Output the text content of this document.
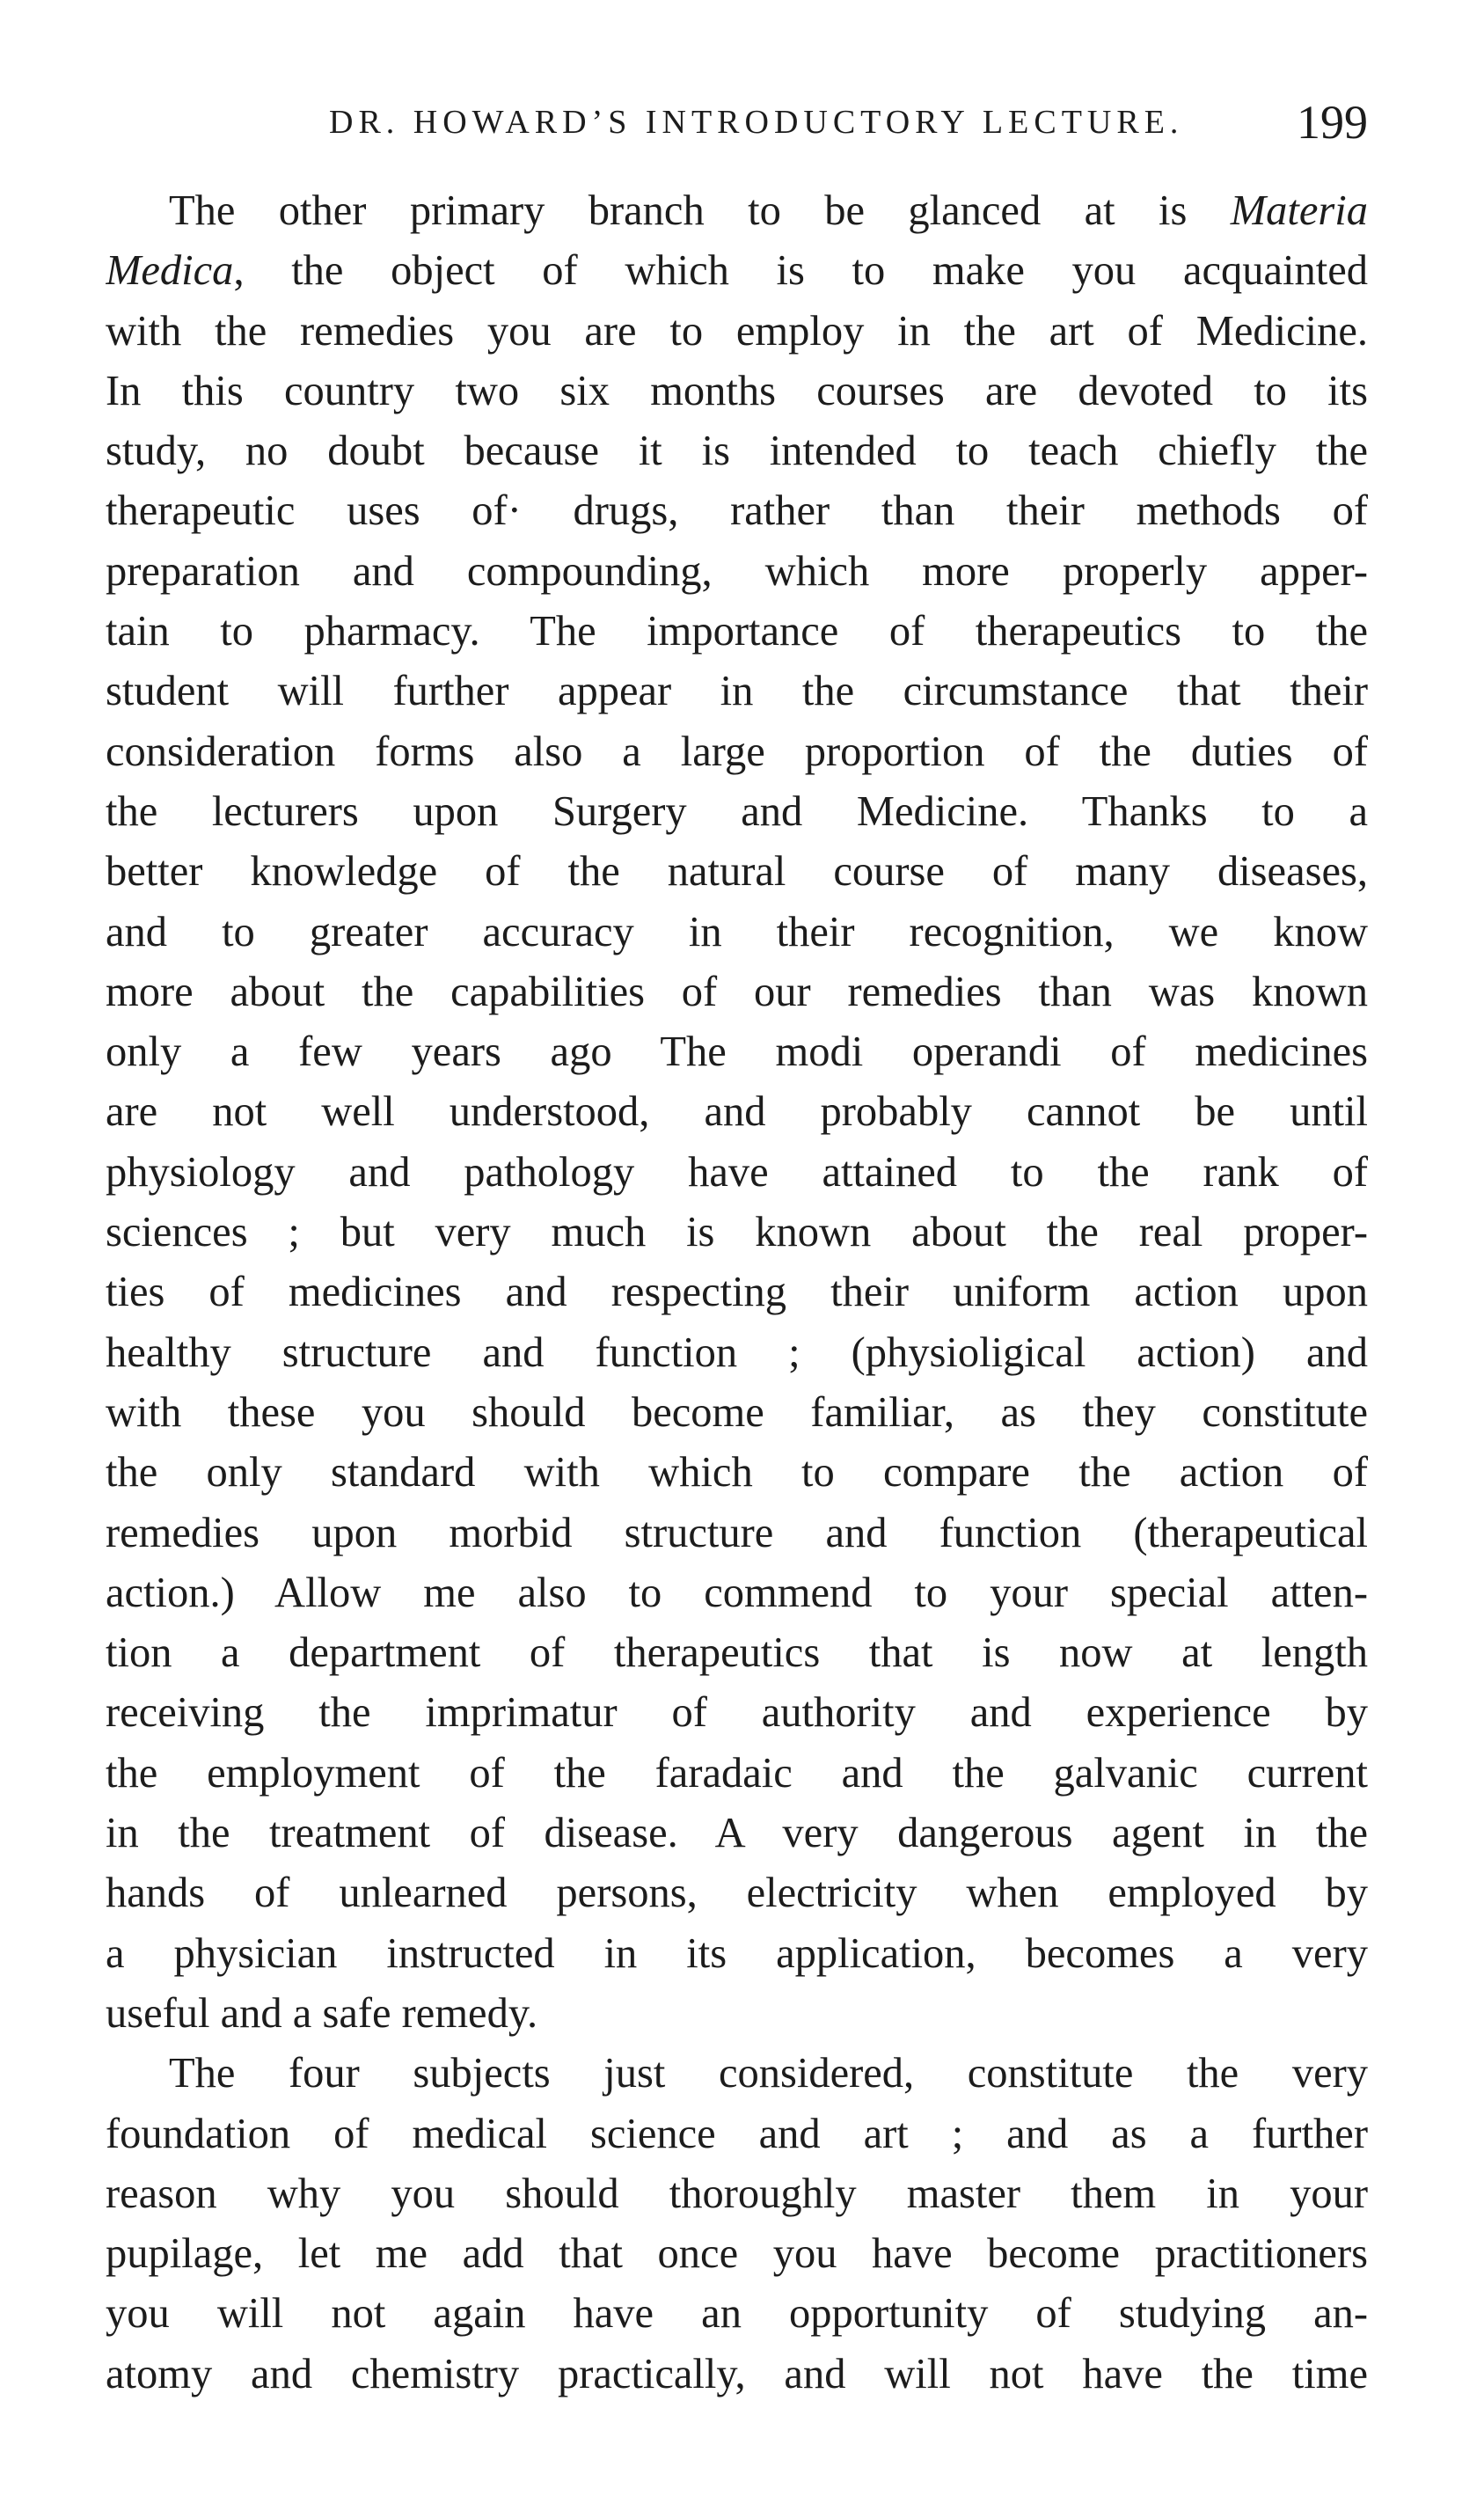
DR. HOWARD’S INTRODUCTORY LECTURE. 199
The other primary branch to be glanced at is Materia
Medica, the object of which is to make you acquainted
with the remedies you are to employ in the art of Medicine.
In this country two six months courses are devoted to its
study, no doubt because it is intended to teach chiefly the
therapeutic uses of· drugs, rather than their methods of
preparation and compounding, which more properly apper-
tain to pharmacy. The importance of therapeutics to the
student will further appear in the circumstance that their
consideration forms also a large proportion of the duties of
the lecturers upon Surgery and Medicine. Thanks to a
better knowledge of the natural course of many diseases,
and to greater accuracy in their recognition, we know
more about the capabilities of our remedies than was known
only a few years ago The modi operandi of medicines
are not well understood, and probably cannot be until
physiology and pathology have attained to the rank of
sciences ; but very much is known about the real proper-
ties of medicines and respecting their uniform action upon
healthy structure and function ; (physioligical action) and
with these you should become familiar, as they constitute
the only standard with which to compare the action of
remedies upon morbid structure and function (therapeutical
action.) Allow me also to commend to your special atten-
tion a department of therapeutics that is now at length
receiving the imprimatur of authority and experience by
the employment of the faradaic and the galvanic current
in the treatment of disease. A very dangerous agent in the
hands of unlearned persons, electricity when employed by
a physician instructed in its application, becomes a very
useful and a safe remedy.
The four subjects just considered, constitute the very
foundation of medical science and art ; and as a further
reason why you should thoroughly master them in your
pupilage, let me add that once you have become practitioners
you will not again have an opportunity of studying an-
atomy and chemistry practically, and will not have the time
